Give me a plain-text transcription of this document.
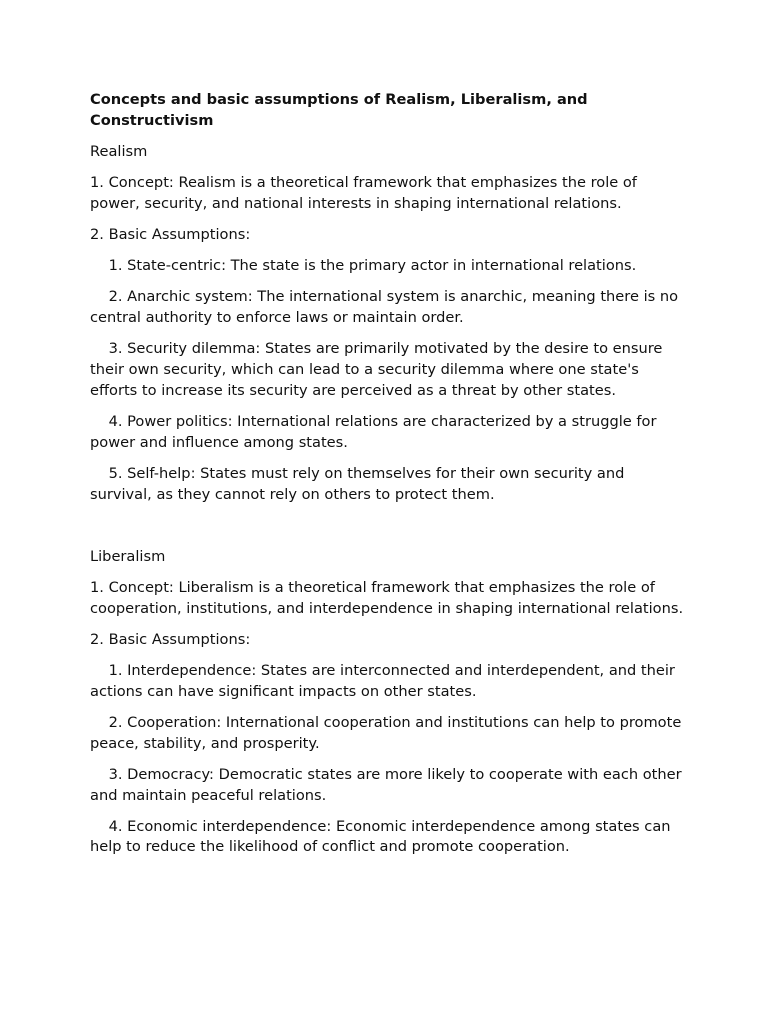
Concepts and basic assumptions of Realism, Liberalism, and Constructivism

Realism

1. Concept: Realism is a theoretical framework that emphasizes the role of power, security, and national interests in shaping international relations.

2. Basic Assumptions:

1. State-centric: The state is the primary actor in international relations.

2. Anarchic system: The international system is anarchic, meaning there is no central authority to enforce laws or maintain order.

3. Security dilemma: States are primarily motivated by the desire to ensure their own security, which can lead to a security dilemma where one state's efforts to increase its security are perceived as a threat by other states.

4. Power politics: International relations are characterized by a struggle for power and influence among states.

5. Self-help: States must rely on themselves for their own security and survival, as they cannot rely on others to protect them.

Liberalism

1. Concept: Liberalism is a theoretical framework that emphasizes the role of cooperation, institutions, and interdependence in shaping international relations.

2. Basic Assumptions:

1. Interdependence: States are interconnected and interdependent, and their actions can have significant impacts on other states.

2. Cooperation: International cooperation and institutions can help to promote peace, stability, and prosperity.

3. Democracy: Democratic states are more likely to cooperate with each other and maintain peaceful relations.

4. Economic interdependence: Economic interdependence among states can help to reduce the likelihood of conflict and promote cooperation.
